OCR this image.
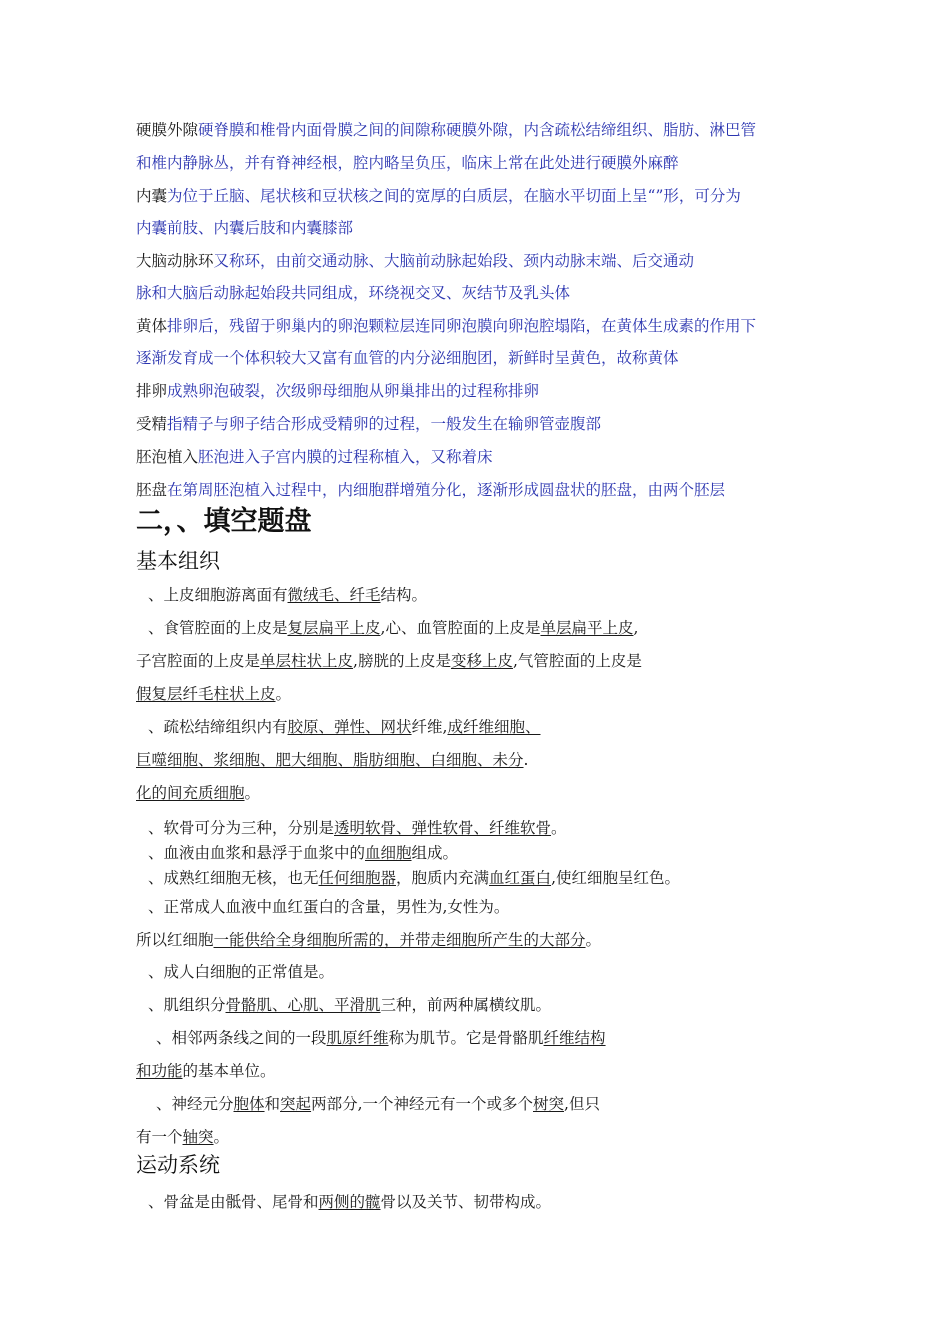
硬膜外隙硬脊膜和椎骨内面骨膜之间的间隙称硬膜外隙，内含疏松结缔组织、脂肪、淋巴管
和椎内静脉丛，并有脊神经根，腔内略呈负压，临床上常在此处进行硬膜外麻醉
内囊为位于丘脑、尾状核和豆状核之间的宽厚的白质层，在脑水平切面上呈“”形，可分为
内囊前肢、内囊后肢和内囊膝部
大脑动脉环又称环，由前交通动脉、大脑前动脉起始段、颈内动脉末端、后交通动
脉和大脑后动脉起始段共同组成，环绕视交叉、灰结节及乳头体
黄体排卵后，残留于卵巢内的卵泡颗粒层连同卵泡膜向卵泡腔塌陷，在黄体生成素的作用下
逐渐发育成一个体积较大又富有血管的内分泌细胞团，新鲜时呈黄色，故称黄体
排卵成熟卵泡破裂，次级卵母细胞从卵巢排出的过程称排卵
受精指精子与卵子结合形成受精卵的过程，一般发生在输卵管壶腹部
胚泡植入胚泡进入子宫内膜的过程称植入，又称着床
胚盘在第周胚泡植入过程中，内细胞群增殖分化，逐渐形成圆盘状的胚盘，由两个胚层
二，、填空题盘
基本组织
、上皮细胞游离面有微绒毛、纤毛结构。
、食管腔面的上皮是复层扁平上皮,心、血管腔面的上皮是单层扁平上皮,
子宫腔面的上皮是单层柱状上皮,膀胱的上皮是变移上皮,气管腔面的上皮是
假复层纤毛柱状上皮。
、疏松结缔组织内有胶原、弹性、网状纤维,成纤维细胞、
巨噬细胞、浆细胞、肥大细胞、脂肪细胞、白细胞、未分.
化的间充质细胞。
、软骨可分为三种，分别是透明软骨、弹性软骨、纤维软骨。
、血液由血浆和悬浮于血浆中的血细胞组成。
、成熟红细胞无核，也无任何细胞器，胞质内充满血红蛋白,使红细胞呈红色。
、正常成人血液中血红蛋白的含量，男性为,女性为。
所以红细胞一能供给全身细胞所需的，并带走细胞所产生的大部分。
、成人白细胞的正常值是。
、肌组织分骨骼肌、心肌、平滑肌三种，前两种属横纹肌。
、相邻两条线之间的一段肌原纤维称为肌节。它是骨骼肌纤维结构
和功能的基本单位。
、神经元分胞体和突起两部分,一个神经元有一个或多个树突,但只
有一个轴突。
运动系统
、骨盆是由骶骨、尾骨和两侧的髋骨以及关节、韧带构成。
